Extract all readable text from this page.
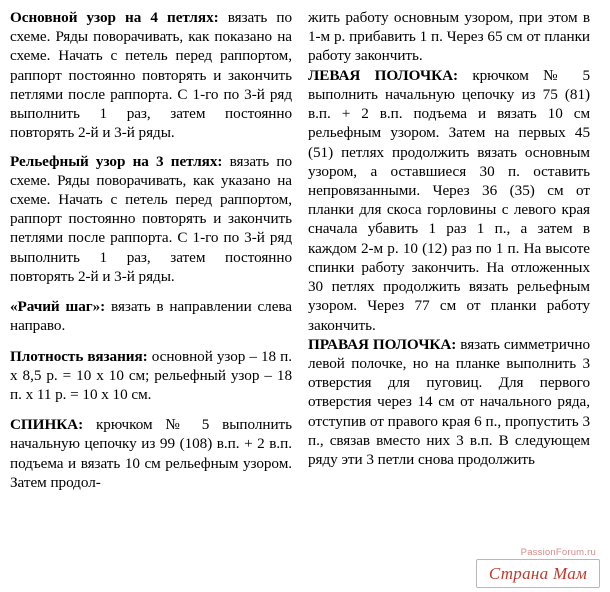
Основной узор на 4 петлях: вязать по схеме. Ряды поворачивать, как показано на схеме. Начать с петель перед раппортом, раппорт постоянно повторять и закончить петлями после раппорта. С 1-го по 3-й ряд выполнить 1 раз, затем постоянно повторять 2-й и 3-й ряды.

Рельефный узор на 3 петлях: вязать по схеме. Ряды поворачивать, как указано на схеме. Начать с петель перед раппортом, раппорт постоянно повторять и закончить петлями после раппорта. С 1-го по 3-й ряд выполнить 1 раз, затем постоянно повторять 2-й и 3-й ряды.

«Рачий шаг»: вязать в направлении слева направо.

Плотность вязания: основной узор – 18 п. х 8,5 р. = 10 х 10 см; рельефный узор – 18 п. х 11 р. = 10 х 10 см.

СПИНКА: крючком № 5 выполнить начальную цепочку из 99 (108) в.п. + 2 в.п. подъема и вязать 10 см рельефным узором. Затем продол-

жить работу основным узором, при этом в 1-м р. прибавить 1 п. Через 65 см от планки работу закончить.

ЛЕВАЯ ПОЛОЧКА: крючком № 5 выполнить начальную цепочку из 75 (81) в.п. + 2 в.п. подъема и вязать 10 см рельефным узором. Затем на первых 45 (51) петлях продолжить вязать основным узором, а оставшиеся 30 п. оставить непровязанными. Через 36 (35) см от планки для скоса горловины с левого края сначала убавить 1 раз 1 п., а затем в каждом 2-м р. 10 (12) раз по 1 п. На высоте спинки работу закончить. На отложенных 30 петлях продолжить вязать рельефным узором. Через 77 см от планки работу закончить.

ПРАВАЯ ПОЛОЧКА: вязать симметрично левой полочке, но на планке выполнить 3 отверстия для пуговиц. Для первого отверстия через 14 см от начального ряда, отступив от правого края 6 п., пропустить 3 п., связав вместо них 3 в.п. В следующем ряду эти 3 петли снова продолжить

PassionForum.ru
Страна Мам
